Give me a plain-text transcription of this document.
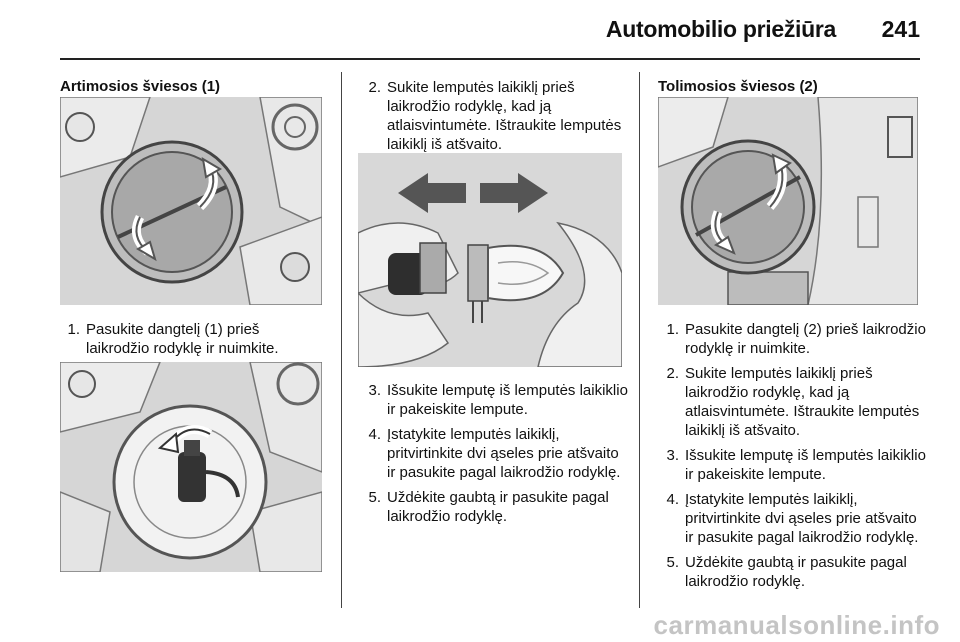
Automobilio priežiūra	241
Artimosios šviesos (1)
1. Pasukite dangtelį (1) prieš laikrodžio rodyklę ir nuimkite.
2. Sukite lemputės laikiklį prieš laikrodžio rodyklę, kad ją atlaisvintumėte. Ištraukite lemputės laikiklį iš atšvaito.
3. Išsukite lemputę iš lemputės laikiklio ir pakeiskite lempute.
4. Įstatykite lemputės laikiklį, pritvirtinkite dvi ąseles prie atšvaito ir pasukite pagal laikrodžio rodyklę.
5. Uždėkite gaubtą ir pasukite pagal laikrodžio rodyklę.
Tolimosios šviesos (2)
1. Pasukite dangtelį (2) prieš laikrodžio rodyklę ir nuimkite.
2. Sukite lemputės laikiklį prieš laikrodžio rodyklę, kad ją atlaisvintumėte. Ištraukite lemputės laikiklį iš atšvaito.
3. Išsukite lemputę iš lemputės laikiklio ir pakeiskite lempute.
4. Įstatykite lemputės laikiklį, pritvirtinkite dvi ąseles prie atšvaito ir pasukite pagal laikrodžio rodyklę.
5. Uždėkite gaubtą ir pasukite pagal laikrodžio rodyklę.
carmanualsonline.info
